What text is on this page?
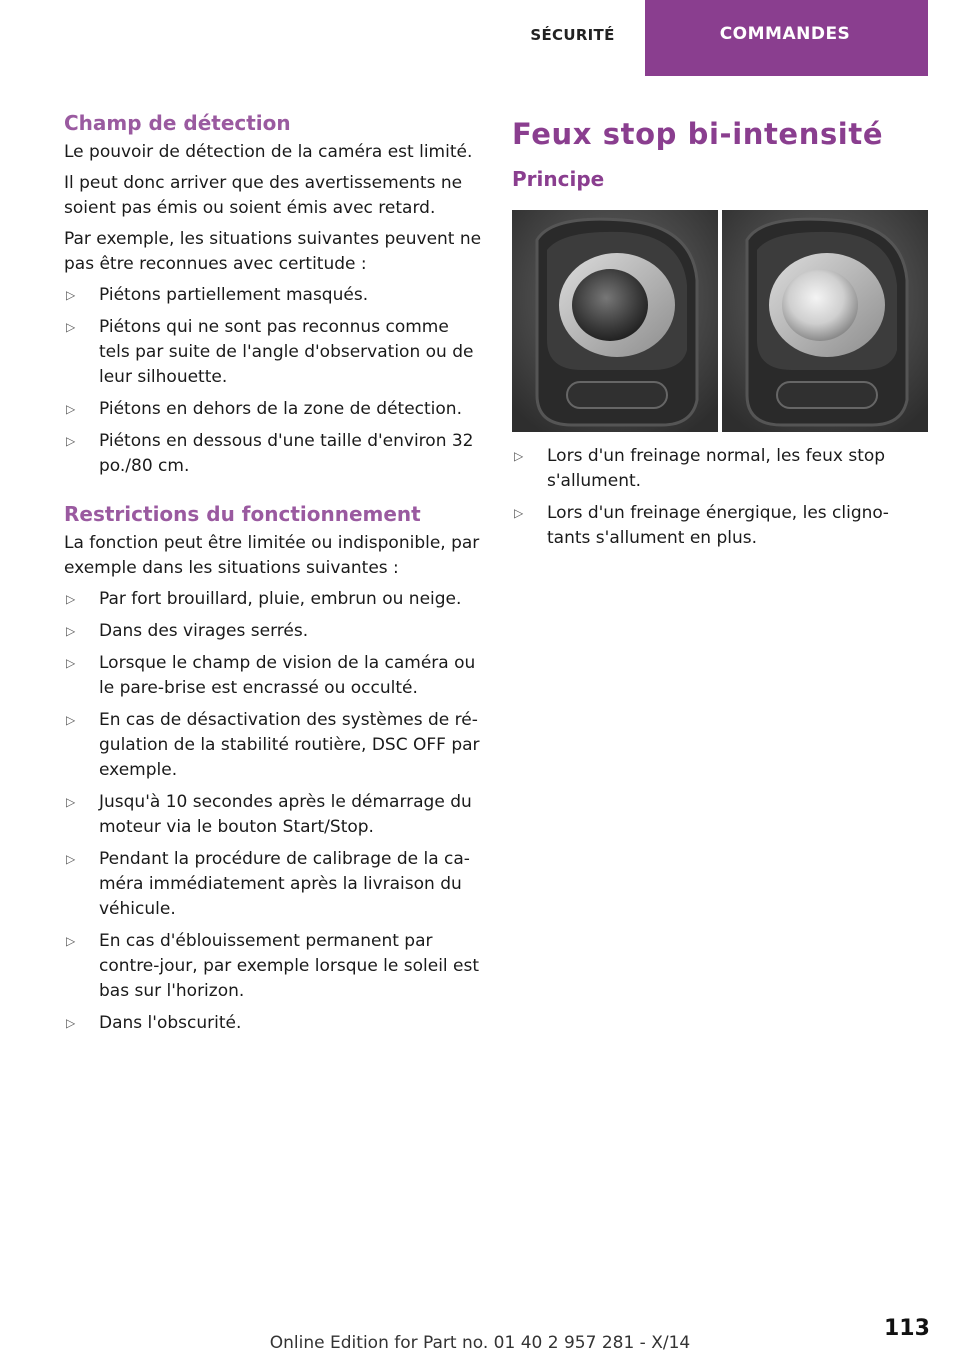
SÉCURITÉ	COMMANDES
Champ de détection

Le pouvoir de détection de la caméra est limité.

Il peut donc arriver que des avertissements ne soient pas émis ou soient émis avec retard.

Par exemple, les situations suivantes peuvent ne pas être reconnues avec certitude :

▷ Piétons partiellement masqués.
▷ Piétons qui ne sont pas reconnus comme tels par suite de l'angle d'observation ou de leur silhouette.
▷ Piétons en dehors de la zone de détection.
▷ Piétons en dessous d'une taille d'environ 32 po./80 cm.
Restrictions du fonctionnement

La fonction peut être limitée ou indisponible, par exemple dans les situations suivantes :

▷ Par fort brouillard, pluie, embrun ou neige.
▷ Dans des virages serrés.
▷ Lorsque le champ de vision de la caméra ou le pare-brise est encrassé ou occulté.
▷ En cas de désactivation des systèmes de ré‐gulation de la stabilité routière, DSC OFF par exemple.
▷ Jusqu'à 10 secondes après le démarrage du moteur via le bouton Start/Stop.
▷ Pendant la procédure de calibrage de la ca‐méra immédiatement après la livraison du véhicule.
▷ En cas d'éblouissement permanent par contre-jour, par exemple lorsque le soleil est bas sur l'horizon.
▷ Dans l'obscurité.
Feux stop bi-intensité
Principe
▷ Lors d'un freinage normal, les feux stop s'allument.
▷ Lors d'un freinage énergique, les cligno‐tants s'allument en plus.
113
Online Edition for Part no. 01 40 2 957 281 - X/14
